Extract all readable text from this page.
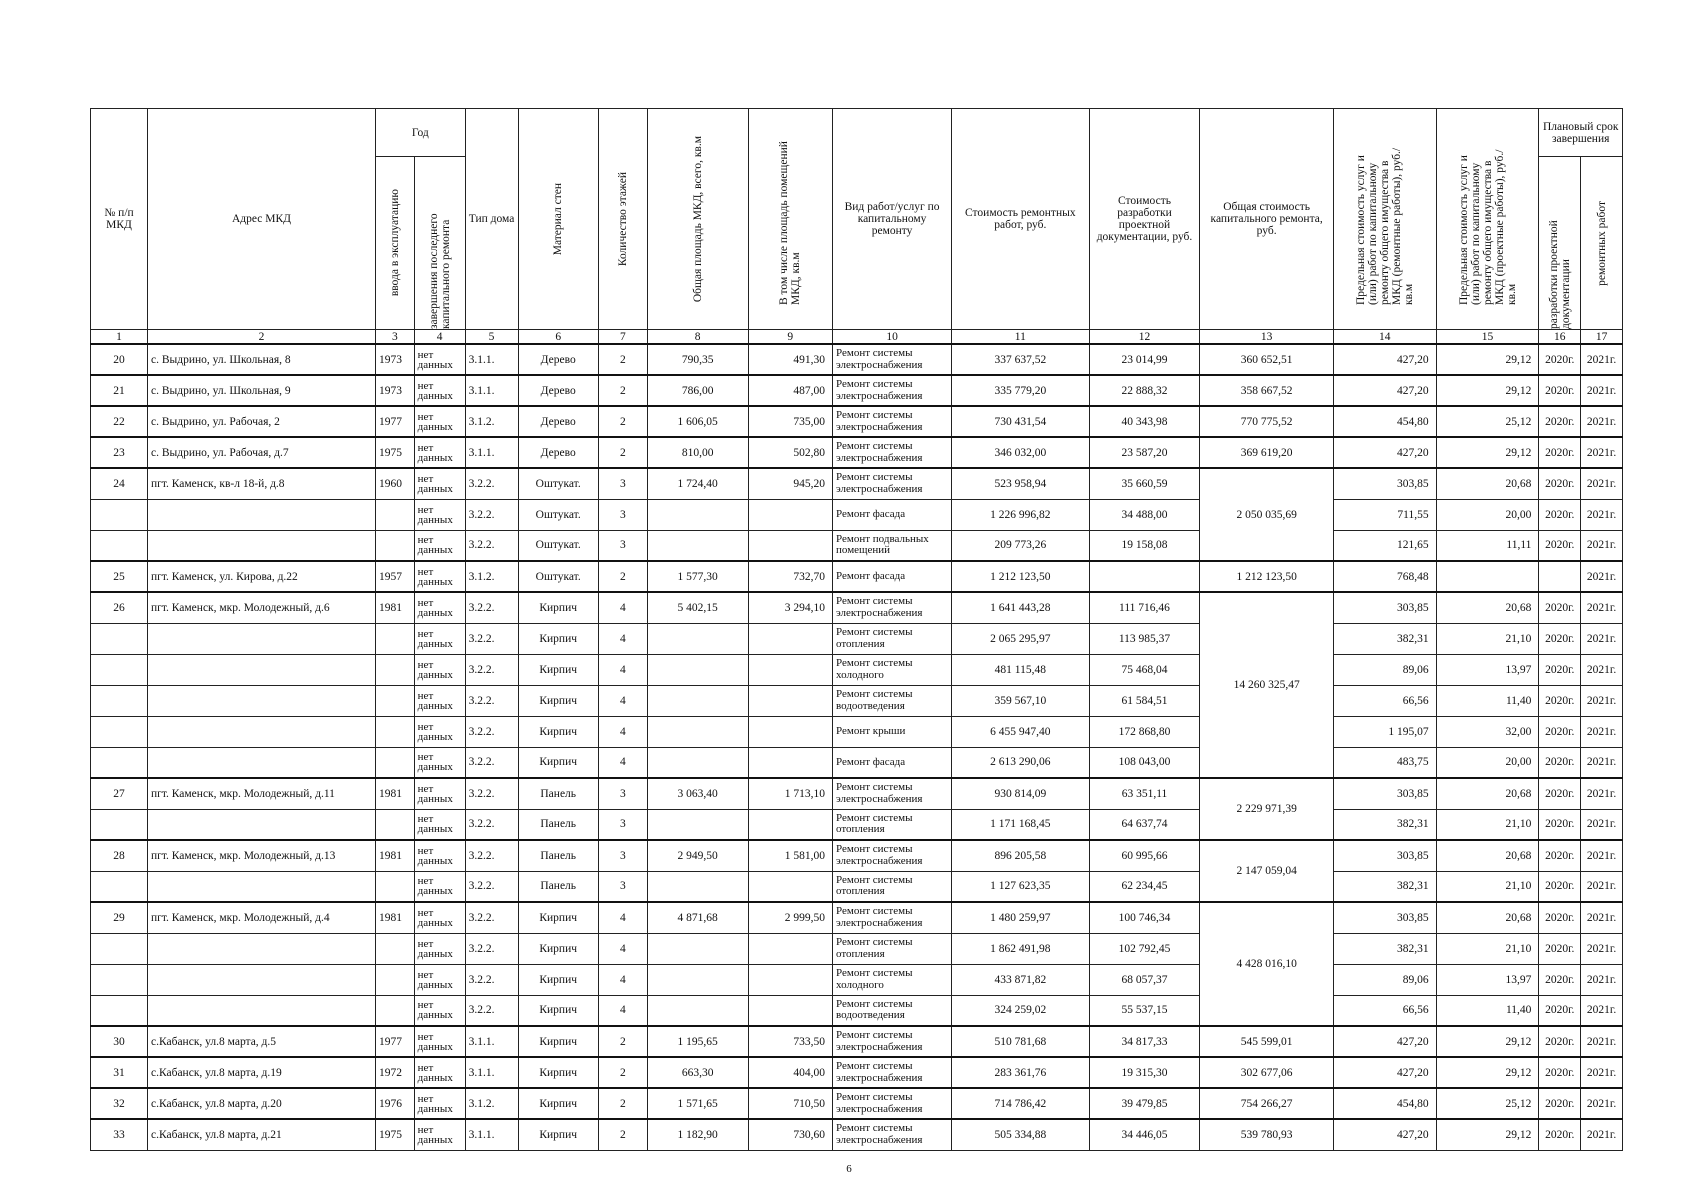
№ п/п МКД	Адрес МКД	Год		Тип дома	Материал стен	Количество этажей	Общая площадь МКД, всего, кв.м	В том числе площадь помещений МКД, кв.м	Вид работ/услуг по капитальному ремонту	Стоимость ремонтных работ, руб.	Стоимость разработки проектной документации, руб.	Общая стоимость капитального ремонта, руб.	Предельная стоимость услуг и (или) работ по капитальному ремонту общего имущества в МКД (ремонтные работы), руб./кв.м	Предельная стоимость услуг и (или) работ по капитальному ремонту общего имущества в МКД (проектные работы), руб./кв.м	Плановый срок завершения	

		ввода в эксплуатацию	завершения последнего капитального ремонта												разработки проектной документации	ремонтных работ

1	2	3	4	5	6	7	8	9	10	11	12	13	14	15	16	17
20	с. Выдрино, ул. Школьная, 8	1973	нет данных	3.1.1.	Дерево	2	790,35	491,30	Ремонт системы электроснабжения	337 637,52	23 014,99	360 652,51	427,20	29,12	2020г.	2021г.
21	с. Выдрино, ул. Школьная, 9	1973	нет данных	3.1.1.	Дерево	2	786,00	487,00	Ремонт системы электроснабжения	335 779,20	22 888,32	358 667,52	427,20	29,12	2020г.	2021г.
22	с. Выдрино, ул. Рабочая, 2	1977	нет данных	3.1.2.	Дерево	2	1 606,05	735,00	Ремонт системы электроснабжения	730 431,54	40 343,98	770 775,52	454,80	25,12	2020г.	2021г.
23	с. Выдрино, ул. Рабочая, д.7	1975	нет данных	3.1.1.	Дерево	2	810,00	502,80	Ремонт системы электроснабжения	346 032,00	23 587,20	369 619,20	427,20	29,12	2020г.	2021г.
24	пгт. Каменск, кв-л 18-й, д.8	1960	нет данных	3.2.2.	Оштукат.	3	1 724,40	945,20	Ремонт системы электроснабжения	523 958,94	35 660,59	2 050 035,69	303,85	20,68	2020г.	2021г.

			нет данных	3.2.2.	Оштукат.	3			Ремонт фасада	1 226 996,82	34 488,00		711,55	20,00	2020г.	2021г.

			нет данных	3.2.2.	Оштукат.	3			Ремонт подвальных помещений	209 773,26	19 158,08		121,65	11,11	2020г.	2021г.
25	пгт. Каменск, ул. Кирова, д.22	1957	нет данных	3.1.2.	Оштукат.	2	1 577,30	732,70	Ремонт фасада	1 212 123,50		1 212 123,50	768,48			2021г.
26	пгт. Каменск, мкр. Молодежный, д.6	1981	нет данных	3.2.2.	Кирпич	4	5 402,15	3 294,10	Ремонт системы электроснабжения	1 641 443,28	111 716,46	14 260 325,47	303,85	20,68	2020г.	2021г.

			нет данных	3.2.2.	Кирпич	4			Ремонт системы отопления	2 065 295,97	113 985,37		382,31	21,10	2020г.	2021г.

			нет данных	3.2.2.	Кирпич	4			Ремонт системы холодного	481 115,48	75 468,04		89,06	13,97	2020г.	2021г.

			нет данных	3.2.2.	Кирпич	4			Ремонт системы водоотведения	359 567,10	61 584,51		66,56	11,40	2020г.	2021г.

			нет данных	3.2.2.	Кирпич	4			Ремонт крыши	6 455 947,40	172 868,80		1 195,07	32,00	2020г.	2021г.

			нет данных	3.2.2.	Кирпич	4			Ремонт фасада	2 613 290,06	108 043,00		483,75	20,00	2020г.	2021г.
27	пгт. Каменск, мкр. Молодежный, д.11	1981	нет данных	3.2.2.	Панель	3	3 063,40	1 713,10	Ремонт системы электроснабжения	930 814,09	63 351,11	2 229 971,39	303,85	20,68	2020г.	2021г.

			нет данных	3.2.2.	Панель	3			Ремонт системы отопления	1 171 168,45	64 637,74		382,31	21,10	2020г.	2021г.
28	пгт. Каменск, мкр. Молодежный, д.13	1981	нет данных	3.2.2.	Панель	3	2 949,50	1 581,00	Ремонт системы электроснабжения	896 205,58	60 995,66	2 147 059,04	303,85	20,68	2020г.	2021г.

			нет данных	3.2.2.	Панель	3			Ремонт системы отопления	1 127 623,35	62 234,45		382,31	21,10	2020г.	2021г.
29	пгт. Каменск, мкр. Молодежный, д.4	1981	нет данных	3.2.2.	Кирпич	4	4 871,68	2 999,50	Ремонт системы электроснабжения	1 480 259,97	100 746,34	4 428 016,10	303,85	20,68	2020г.	2021г.

			нет данных	3.2.2.	Кирпич	4			Ремонт системы отопления	1 862 491,98	102 792,45		382,31	21,10	2020г.	2021г.

			нет данных	3.2.2.	Кирпич	4			Ремонт системы холодного	433 871,82	68 057,37		89,06	13,97	2020г.	2021г.

			нет данных	3.2.2.	Кирпич	4			Ремонт системы водоотведения	324 259,02	55 537,15		66,56	11,40	2020г.	2021г.
30	с.Кабанск, ул.8 марта, д.5	1977	нет данных	3.1.1.	Кирпич	2	1 195,65	733,50	Ремонт системы электроснабжения	510 781,68	34 817,33	545 599,01	427,20	29,12	2020г.	2021г.
31	с.Кабанск, ул.8 марта, д.19	1972	нет данных	3.1.1.	Кирпич	2	663,30	404,00	Ремонт системы электроснабжения	283 361,76	19 315,30	302 677,06	427,20	29,12	2020г.	2021г.
32	с.Кабанск, ул.8 марта, д.20	1976	нет данных	3.1.2.	Кирпич	2	1 571,65	710,50	Ремонт системы электроснабжения	714 786,42	39 479,85	754 266,27	454,80	25,12	2020г.	2021г.
33	с.Кабанск, ул.8 марта, д.21	1975	нет данных	3.1.1.	Кирпич	2	1 182,90	730,60	Ремонт системы электроснабжения	505 334,88	34 446,05	539 780,93	427,20	29,12	2020г.	2021г.
6
